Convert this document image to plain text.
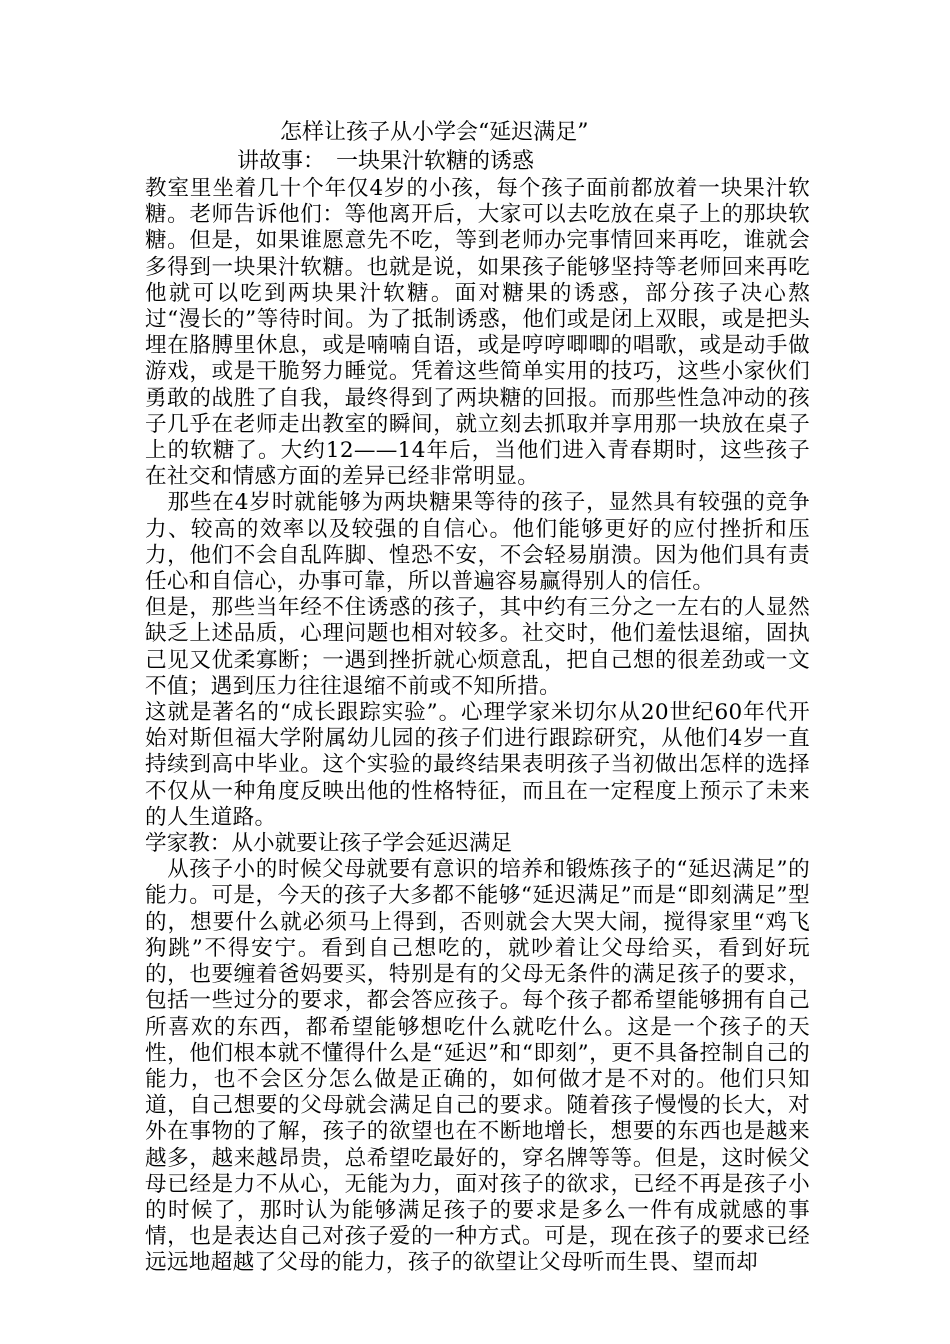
怎样让孩子从小学会“延迟满足”
讲故事：　一块果汁软糖的诱惑

教室里坐着几十个年仅4岁的小孩，每个孩子面前都放着一块果汁软糖。老师告诉他们：等他离开后，大家可以去吃放在桌子上的那块软糖。但是，如果谁愿意先不吃，等到老师办完事情回来再吃，谁就会多得到一块果汁软糖。也就是说，如果孩子能够坚持等老师回来再吃他就可以吃到两块果汁软糖。面对糖果的诱惑，部分孩子决心熬过“漫长的”等待时间。为了抵制诱惑，他们或是闭上双眼，或是把头埋在胳膊里休息，或是喃喃自语，或是哼哼唧唧的唱歌，或是动手做游戏，或是干脆努力睡觉。凭着这些简单实用的技巧，这些小家伙们勇敢的战胜了自我，最终得到了两块糖的回报。而那些性急冲动的孩子几乎在老师走出教室的瞬间，就立刻去抓取并享用那一块放在桌子上的软糖了。大约12——14年后，当他们进入青春期时，这些孩子在社交和情感方面的差异已经非常明显。

　那些在4岁时就能够为两块糖果等待的孩子，显然具有较强的竞争力、较高的效率以及较强的自信心。他们能够更好的应付挫折和压力，他们不会自乱阵脚、惶恐不安，不会轻易崩溃。因为他们具有责任心和自信心，办事可靠，所以普遍容易赢得别人的信任。

但是，那些当年经不住诱惑的孩子，其中约有三分之一左右的人显然缺乏上述品质，心理问题也相对较多。社交时，他们羞怯退缩，固执己见又优柔寡断；一遇到挫折就心烦意乱，把自己想的很差劲或一文不值；遇到压力往往退缩不前或不知所措。

这就是著名的“成长跟踪实验”。心理学家米切尔从20世纪60年代开始对斯但福大学附属幼儿园的孩子们进行跟踪研究，从他们4岁一直持续到高中毕业。这个实验的最终结果表明孩子当初做出怎样的选择不仅从一种角度反映出他的性格特征，而且在一定程度上预示了未来的人生道路。

学家教：从小就要让孩子学会延迟满足

　从孩子小的时候父母就要有意识的培养和锻炼孩子的“延迟满足”的能力。可是，今天的孩子大多都不能够“延迟满足”而是“即刻满足”型的，想要什么就必须马上得到，否则就会大哭大闹，搅得家里“鸡飞狗跳”不得安宁。看到自己想吃的，就吵着让父母给买，看到好玩的，也要缠着爸妈要买，特别是有的父母无条件的满足孩子的要求，包括一些过分的要求，都会答应孩子。每个孩子都希望能够拥有自己所喜欢的东西，都希望能够想吃什么就吃什么。这是一个孩子的天性，他们根本就不懂得什么是“延迟”和“即刻”，更不具备控制自己的能力，也不会区分怎么做是正确的，如何做才是不对的。他们只知道，自己想要的父母就会满足自己的要求。随着孩子慢慢的长大，对外在事物的了解，孩子的欲望也在不断地增长，想要的东西也是越来越多，越来越昂贵，总希望吃最好的，穿名牌等等。但是，这时候父母已经是力不从心，无能为力，面对孩子的欲求，已经不再是孩子小的时候了，那时认为能够满足孩子的要求是多么一件有成就感的事情，也是表达自己对孩子爱的一种方式。可是，现在孩子的要求已经远远地超越了父母的能力，孩子的欲望让父母听而生畏、望而却
